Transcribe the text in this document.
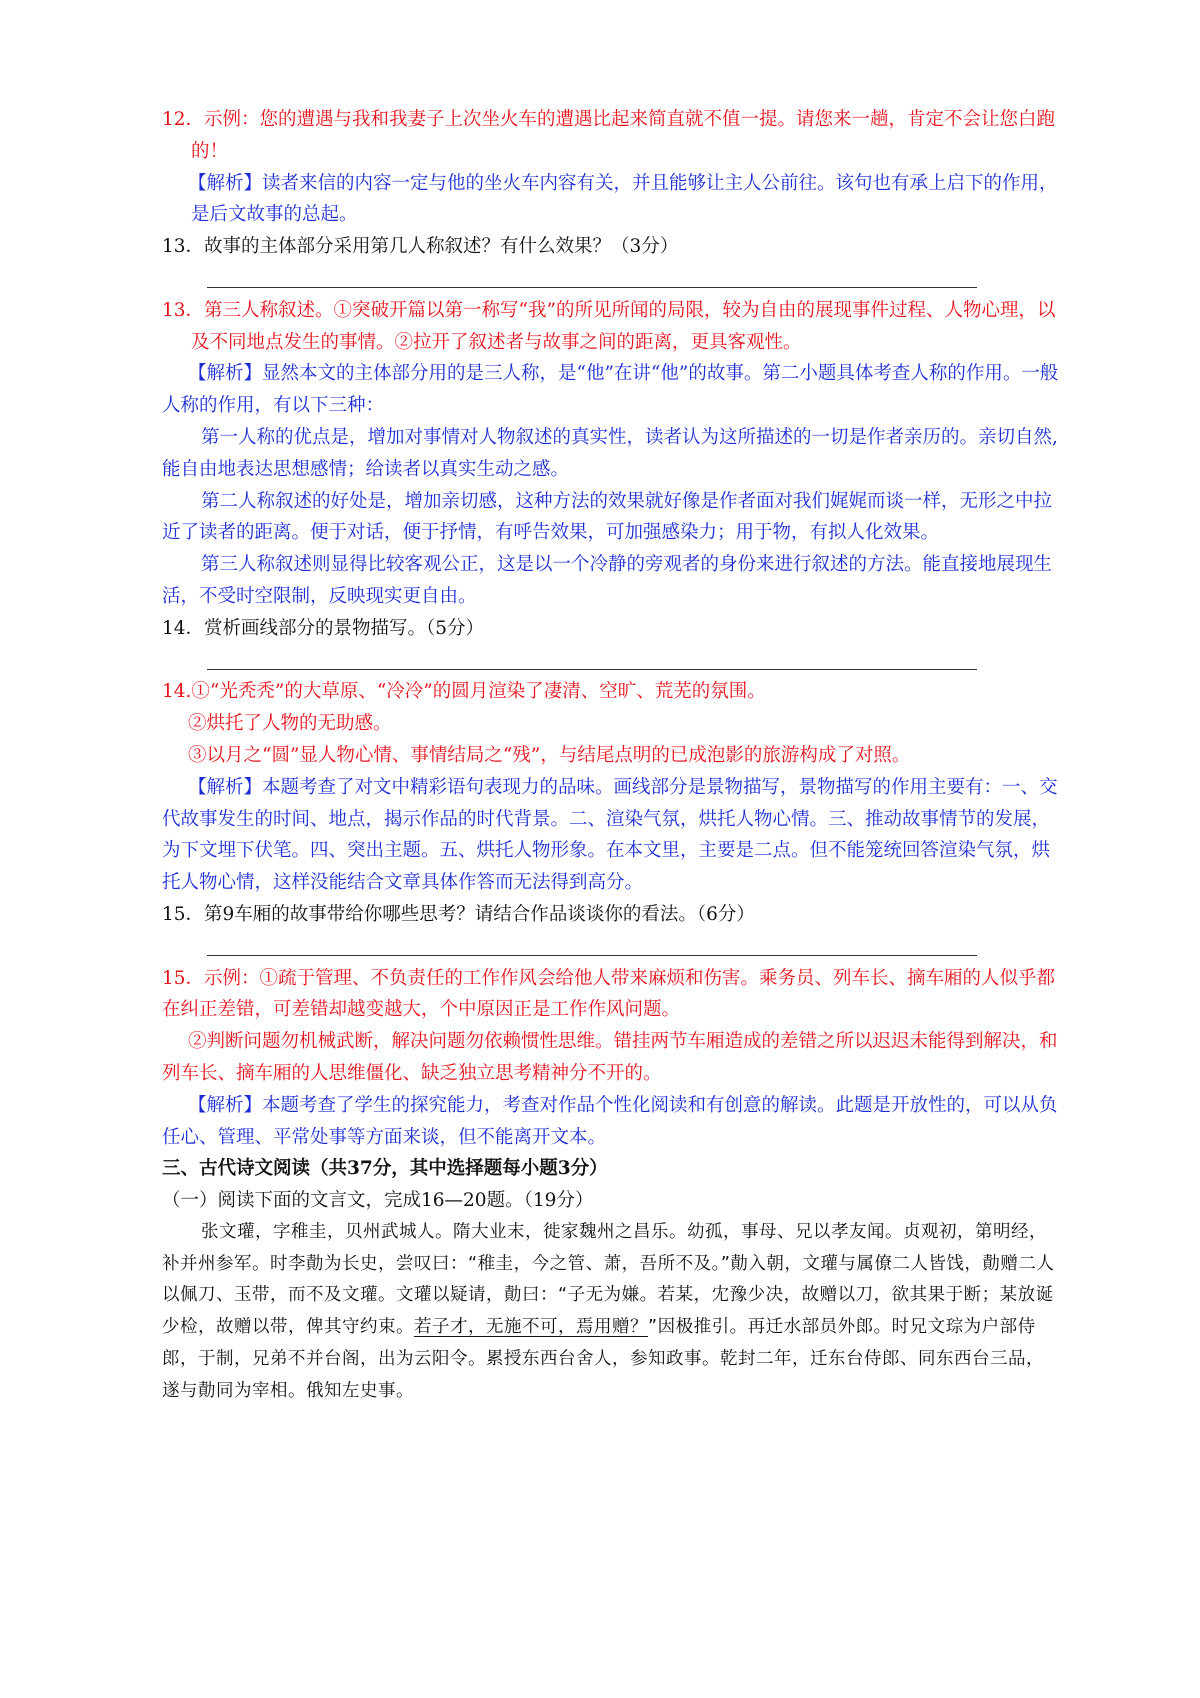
12．示例：您的遭遇与我和我妻子上次坐火车的遭遇比起来简直就不值一提。请您来一趟，肯定不会让您白跑的！

【解析】读者来信的内容一定与他的坐火车内容有关，并且能够让主人公前往。该句也有承上启下的作用，是后文故事的总起。

13．故事的主体部分采用第几人称叙述？有什么效果？（3分）

13．第三人称叙述。①突破开篇以第一称写“我”的所见所闻的局限，较为自由的展现事件过程、人物心理，以及不同地点发生的事情。②拉开了叙述者与故事之间的距离，更具客观性。

【解析】显然本文的主体部分用的是三人称，是“他”在讲“他”的故事。第二小题具体考查人称的作用。一般人称的作用，有以下三种：

第一人称的优点是，增加对事情对人物叙述的真实性，读者认为这所描述的一切是作者亲历的。亲切自然,能自由地表达思想感情；给读者以真实生动之感。

第二人称叙述的好处是，增加亲切感，这种方法的效果就好像是作者面对我们娓娓而谈一样，无形之中拉近了读者的距离。便于对话，便于抒情，有呼告效果，可加强感染力；用于物，有拟人化效果。

第三人称叙述则显得比较客观公正，这是以一个冷静的旁观者的身份来进行叙述的方法。能直接地展现生活，不受时空限制，反映现实更自由。

14．赏析画线部分的景物描写。（5分）

14.①“光秃秃”的大草原、“冷冷”的圆月渲染了凄清、空旷、荒芜的氛围。

②烘托了人物的无助感。

③以月之“圆”显人物心情、事情结局之“残”，与结尾点明的已成泡影的旅游构成了对照。

【解析】本题考查了对文中精彩语句表现力的品味。画线部分是景物描写，景物描写的作用主要有：一、交代故事发生的时间、地点，揭示作品的时代背景。二、渲染气氛，烘托人物心情。三、推动故事情节的发展，为下文埋下伏笔。四、突出主题。五、烘托人物形象。在本文里，主要是二点。但不能笼统回答渲染气氛，烘托人物心情，这样没能结合文章具体作答而无法得到高分。

15．第9车厢的故事带给你哪些思考？请结合作品谈谈你的看法。（6分）

15．示例：①疏于管理、不负责任的工作作风会给他人带来麻烦和伤害。乘务员、列车长、摘车厢的人似乎都在纠正差错，可差错却越变越大，个中原因正是工作作风问题。

②判断问题勿机械武断，解决问题勿依赖惯性思维。错挂两节车厢造成的差错之所以迟迟未能得到解决，和列车长、摘车厢的人思维僵化、缺乏独立思考精神分不开的。

【解析】本题考查了学生的探究能力，考查对作品个性化阅读和有创意的解读。此题是开放性的，可以从负任心、管理、平常处事等方面来谈，但不能离开文本。

三、古代诗文阅读（共37分，其中选择题每小题3分）

（一）阅读下面的文言文，完成16—20题。（19分）

张文瓘，字稚圭，贝州武城人。隋大业末，徙家魏州之昌乐。幼孤，事母、兄以孝友闻。贞观初，第明经，补并州参军。时李勣为长史，尝叹曰：“稚圭，今之管、萧，吾所不及。”勣入朝，文瓘与属僚二人皆饯，勣赠二人以佩刀、玉带，而不及文瓘。文瓘以疑请，勣曰：“子无为嫌。若某，冘豫少决，故赠以刀，欲其果于断；某放诞少检，故赠以带，俾其守约束。若子才，无施不可，焉用赠？”因极推引。再迁水部员外郎。时兄文琮为户部侍郎，于制，兄弟不并台阁，出为云阳令。累授东西台舍人，参知政事。乾封二年，迁东台侍郎、同东西台三品，遂与勣同为宰相。俄知左史事。
